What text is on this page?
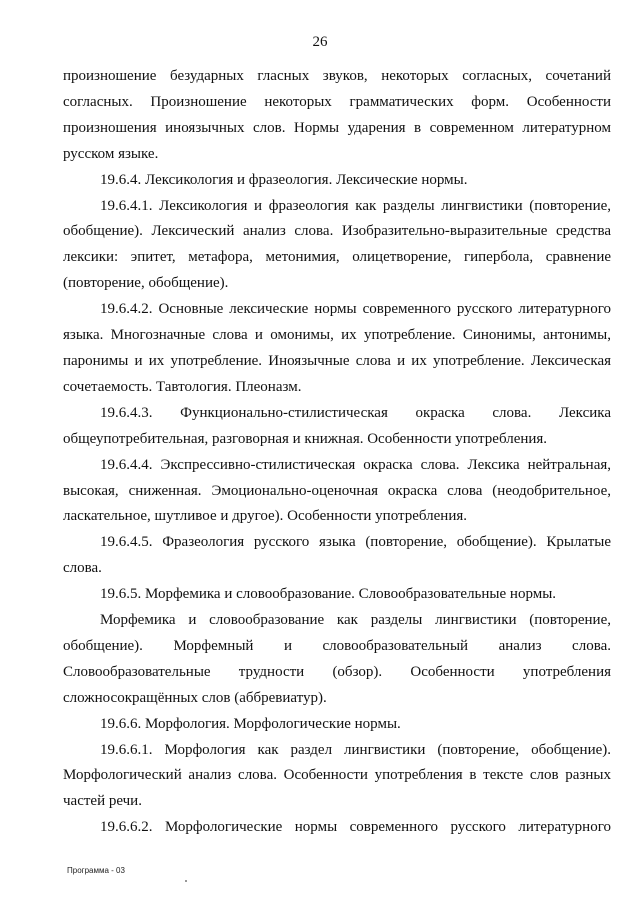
26

произношение безударных гласных звуков, некоторых согласных, сочетаний согласных. Произношение некоторых грамматических форм. Особенности произношения иноязычных слов. Нормы ударения в современном литературном русском языке.

19.6.4. Лексикология и фразеология. Лексические нормы.

19.6.4.1. Лексикология и фразеология как разделы лингвистики (повторение, обобщение). Лексический анализ слова. Изобразительно-выразительные средства лексики: эпитет, метафора, метонимия, олицетворение, гипербола, сравнение (повторение, обобщение).

19.6.4.2. Основные лексические нормы современного русского литературного языка. Многозначные слова и омонимы, их употребление. Синонимы, антонимы, паронимы и их употребление. Иноязычные слова и их употребление. Лексическая сочетаемость. Тавтология. Плеоназм.

19.6.4.3. Функционально-стилистическая окраска слова. Лексика общеупотребительная, разговорная и книжная. Особенности употребления.

19.6.4.4. Экспрессивно-стилистическая окраска слова. Лексика нейтральная, высокая, сниженная. Эмоционально-оценочная окраска слова (неодобрительное, ласкательное, шутливое и другое). Особенности употребления.

19.6.4.5. Фразеология русского языка (повторение, обобщение). Крылатые слова.

19.6.5. Морфемика и словообразование. Словообразовательные нормы.

Морфемика и словообразование как разделы лингвистики (повторение, обобщение). Морфемный и словообразовательный анализ слова. Словообразовательные трудности (обзор). Особенности употребления сложносокращённых слов (аббревиатур).

19.6.6. Морфология. Морфологические нормы.

19.6.6.1. Морфология как раздел лингвистики (повторение, обобщение). Морфологический анализ слова. Особенности употребления в тексте слов разных частей речи.

19.6.6.2. Морфологические нормы современного русского литературного

Программа - 03
